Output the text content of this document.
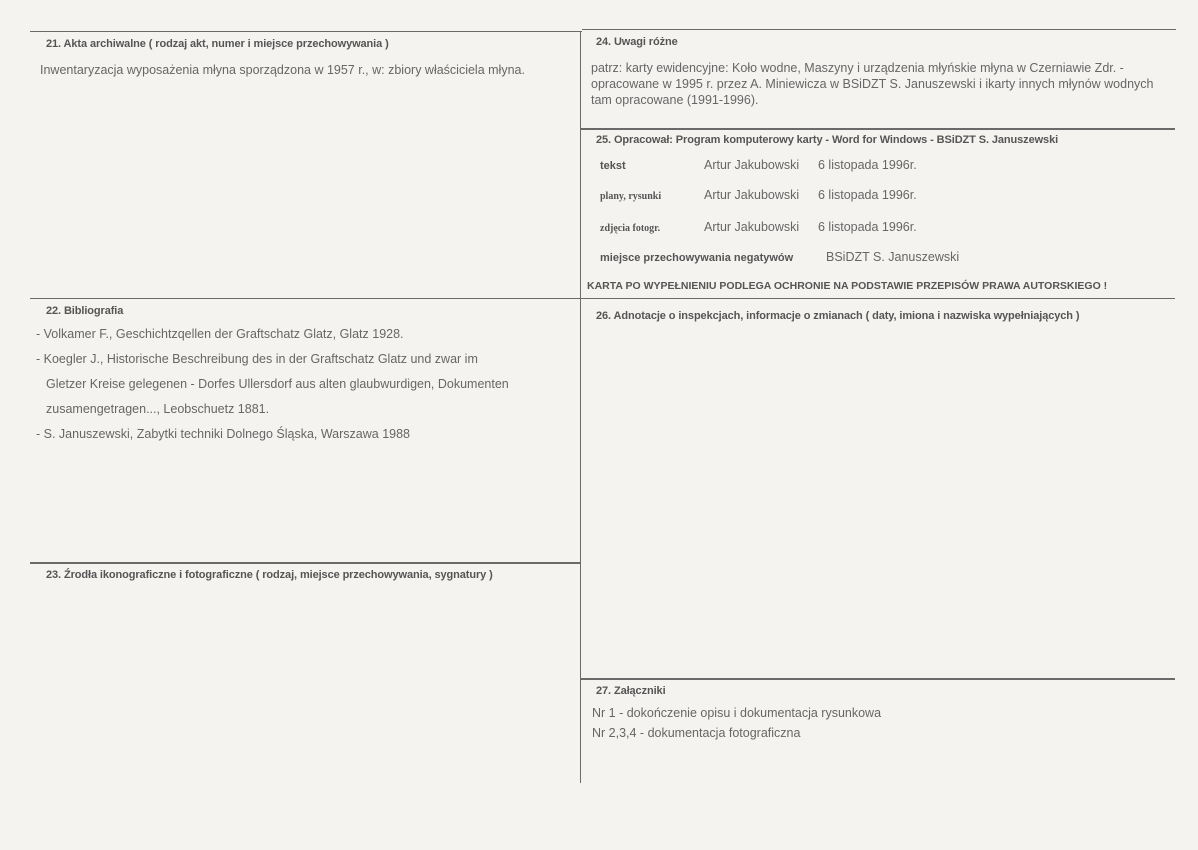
21. Akta archiwalne ( rodzaj akt, numer i miejsce przechowywania )
Inwentaryzacja wyposażenia młyna sporządzona w 1957 r., w: zbiory właściciela młyna.
22. Bibliografia
- Volkamer F., Geschichtzqellen der Graftschatz Glatz, Glatz 1928.
- Koegler J., Historische Beschreibung des in der Graftschatz Glatz und zwar im
Gletzer Kreise gelegenen - Dorfes Ullersdorf aus alten glaubwurdigen, Dokumenten
zusamengetragen..., Leobschuetz 1881.
- S. Januszewski, Zabytki techniki Dolnego Śląska, Warszawa 1988
23. Źrodła ikonograficzne i fotograficzne ( rodzaj, miejsce przechowywania, sygnatury )
24. Uwagi różne
patrz: karty ewidencyjne: Koło wodne, Maszyny i urządzenia młyńskie młyna w Czerniawie Zdr. - opracowane w 1995 r. przez A. Miniewicza w BSiDZT S. Januszewski i ikarty innych młynów wodnych tam opracowane (1991-1996).
25. Opracował: Program komputerowy karty - Word for Windows - BSiDZT S. Januszewski
tekst	Artur Jakubowski 6 listopada 1996r.
plany, rysunki	Artur Jakubowski 6 listopada 1996r.
zdjęcia fotogr.	Artur Jakubowski 6 listopada 1996r.
miejsce przechowywania negatywów	BSiDZT S. Januszewski
KARTA PO WYPEŁNIENIU PODLEGA OCHRONIE NA PODSTAWIE PRZEPISÓW PRAWA AUTORSKIEGO !
26. Adnotacje o inspekcjach, informacje o zmianach ( daty, imiona i nazwiska wypełniających )
27. Załączniki
Nr 1 - dokończenie opisu i dokumentacja rysunkowa
Nr 2,3,4 - dokumentacja fotograficzna
